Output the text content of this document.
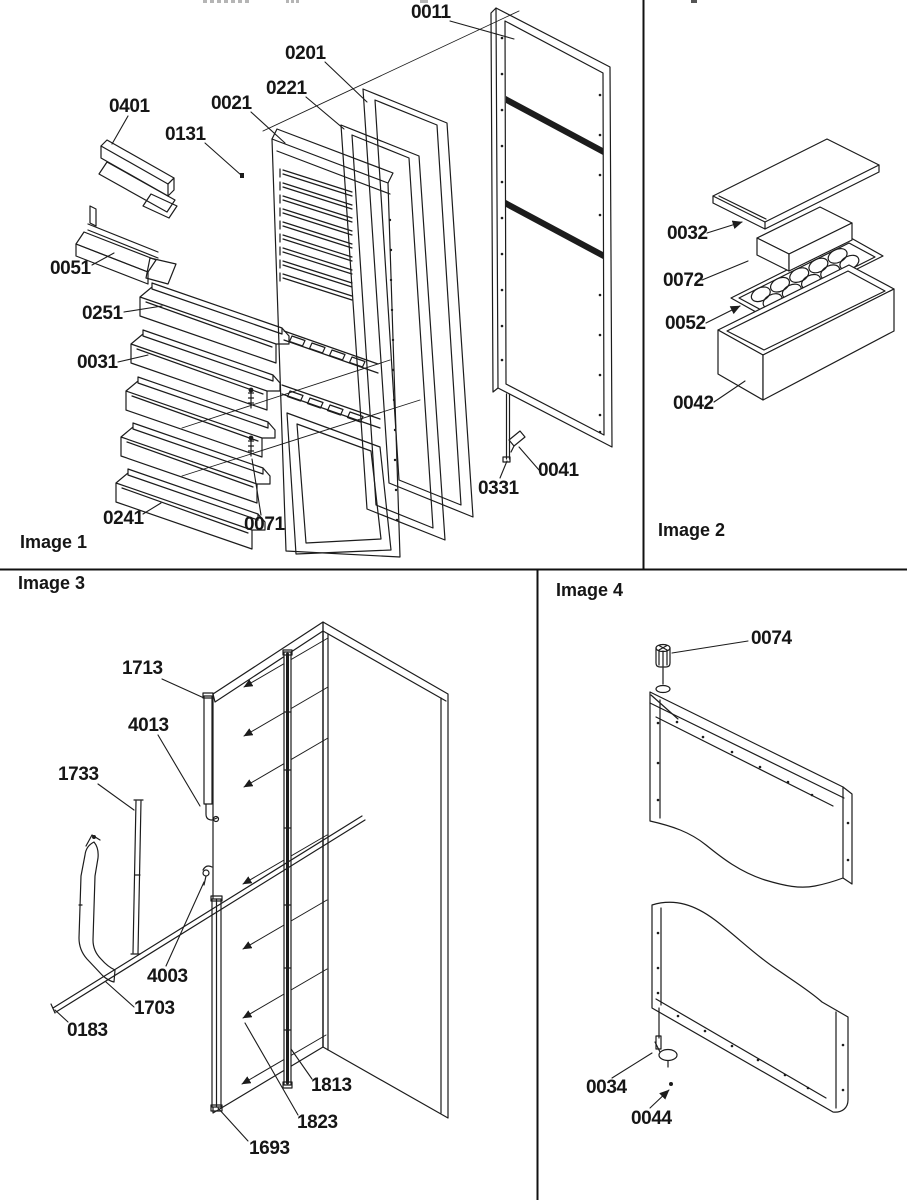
0011
0201
0221
0021
0401
0131
0051
0251
0031
0241	0071
0331
0041
Image 1
0032
0072
0052
0042
Image 2
Image 3
1713
4013
1733
4003
1703
0183
1813
1823
1693
Image 4
0074
0034
0044
